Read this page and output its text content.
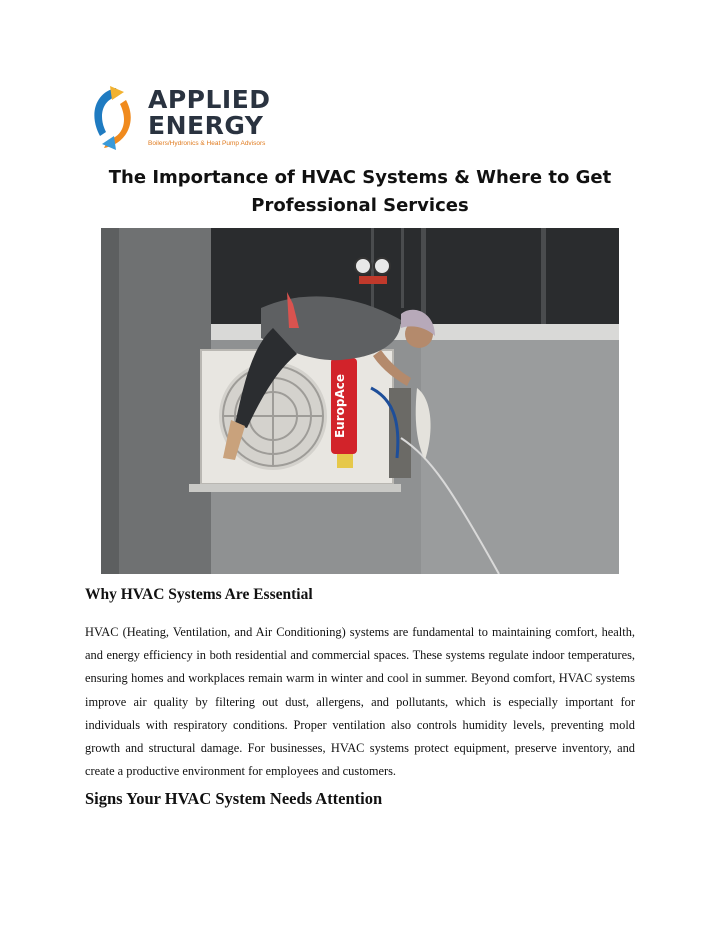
APPLIED
ENERGY
Boilers/Hydronics & Heat Pump Advisors
The Importance of HVAC Systems & Where to Get Professional Services
EuropAce
Why HVAC Systems Are Essential

HVAC (Heating, Ventilation, and Air Conditioning) systems are fundamental to maintaining comfort, health, and energy efficiency in both residential and commercial spaces. These systems regulate indoor temperatures, ensuring homes and workplaces remain warm in winter and cool in summer. Beyond comfort, HVAC systems improve air quality by filtering out dust, allergens, and pollutants, which is especially important for individuals with respiratory conditions. Proper ventilation also controls humidity levels, preventing mold growth and structural damage. For businesses, HVAC systems protect equipment, preserve inventory, and create a productive environment for employees and customers.

Signs Your HVAC System Needs Attention
